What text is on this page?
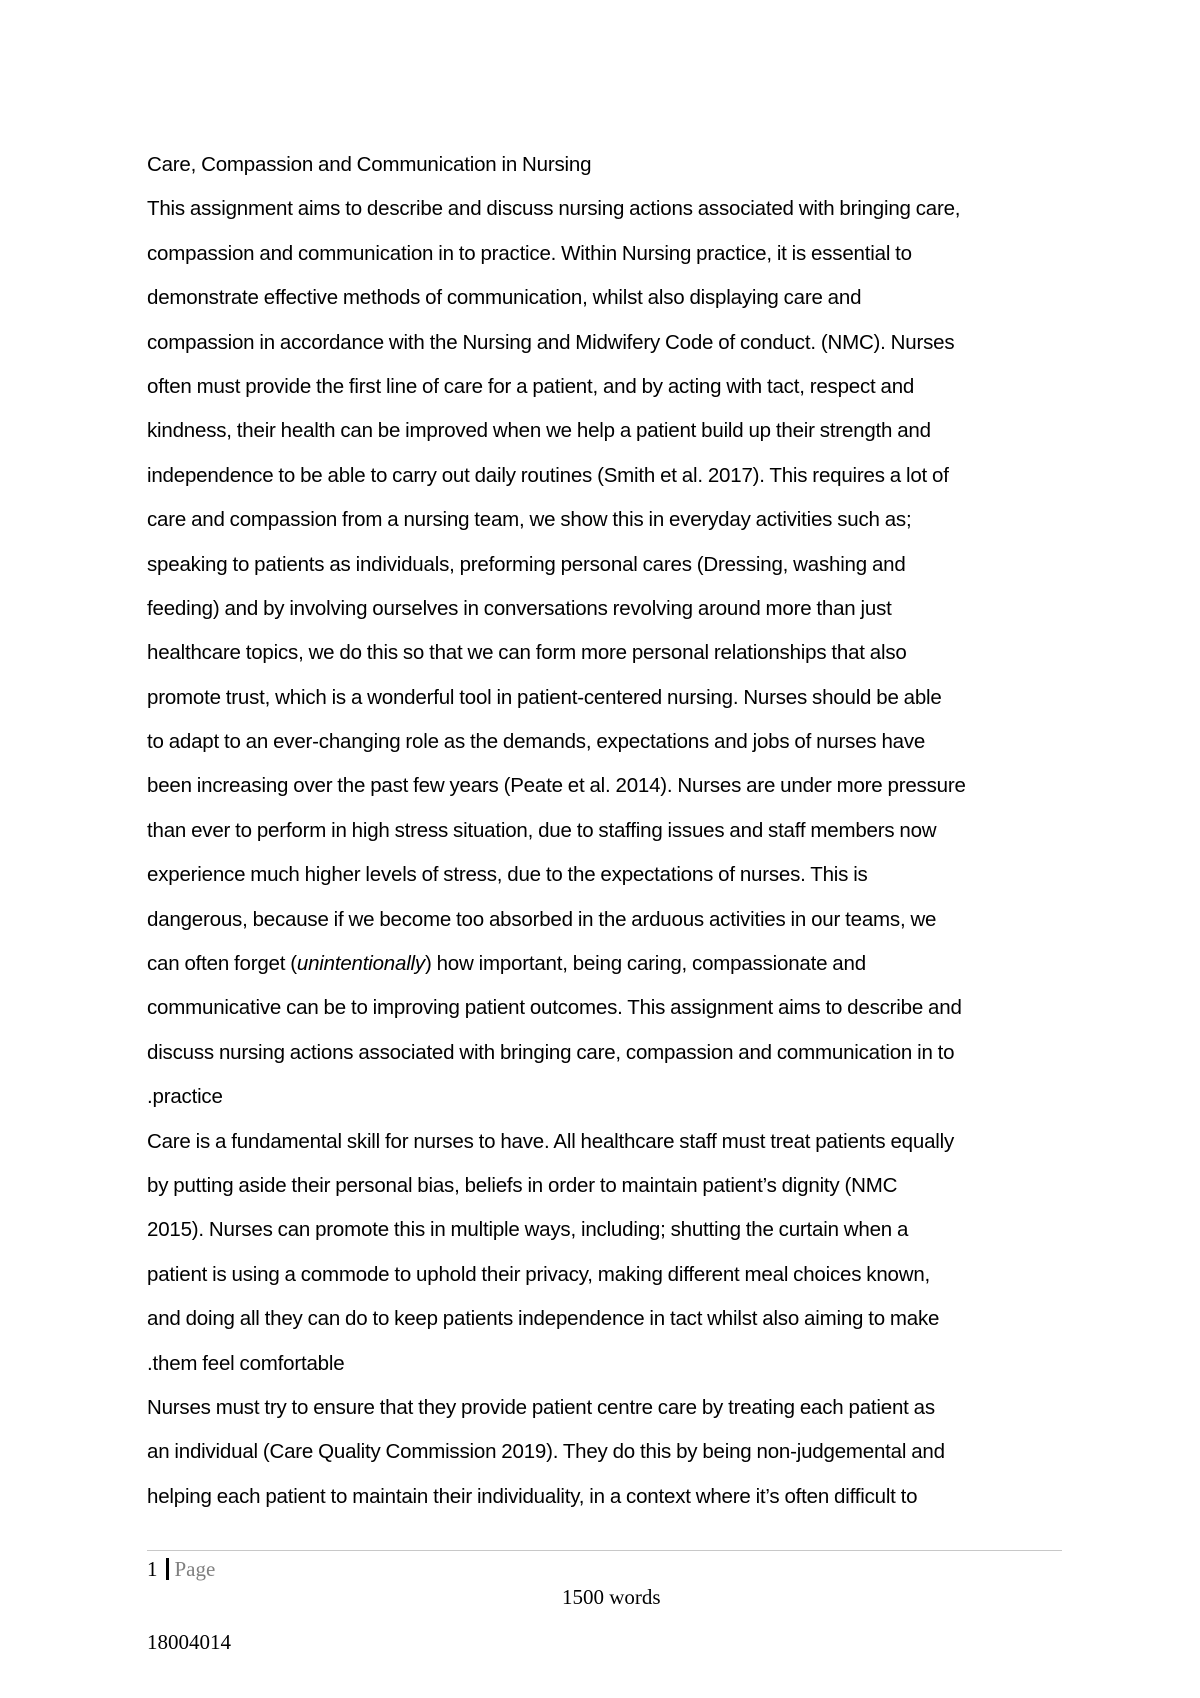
Care, Compassion and Communication in Nursing
This assignment aims to describe and discuss nursing actions associated with bringing care,
compassion and communication in to practice. Within Nursing practice, it is essential to
demonstrate effective methods of communication, whilst also displaying care and
compassion in accordance with the Nursing and Midwifery Code of conduct. (NMC). Nurses
often must provide the first line of care for a patient, and by acting with tact, respect and
kindness, their health can be improved when we help a patient build up their strength and
independence to be able to carry out daily routines (Smith et al. 2017). This requires a lot of
care and compassion from a nursing team, we show this in everyday activities such as;
speaking to patients as individuals, preforming personal cares (Dressing, washing and
feeding) and by involving ourselves in conversations revolving around more than just
healthcare topics, we do this so that we can form more personal relationships that also
promote trust, which is a wonderful tool in patient-centered nursing. Nurses should be able
to adapt to an ever-changing role as the demands, expectations and jobs of nurses have
been increasing over the past few years (Peate et al. 2014). Nurses are under more pressure
than ever to perform in high stress situation, due to staffing issues and staff members now
experience much higher levels of stress, due to the expectations of nurses. This is
dangerous, because if we become too absorbed in the arduous activities in our teams, we
can often forget (unintentionally) how important, being caring, compassionate and
communicative can be to improving patient outcomes. This assignment aims to describe and
discuss nursing actions associated with bringing care, compassion and communication in to
.practice
Care is a fundamental skill for nurses to have. All healthcare staff must treat patients equally
by putting aside their personal bias, beliefs in order to maintain patient’s dignity (NMC
2015). Nurses can promote this in multiple ways, including; shutting the curtain when a
patient is using a commode to uphold their privacy, making different meal choices known,
and doing all they can do to keep patients independence in tact whilst also aiming to make
.them feel comfortable
Nurses must try to ensure that they provide patient centre care by treating each patient as
an individual (Care Quality Commission 2019). They do this by being non-judgemental and
helping each patient to maintain their individuality, in a context where it’s often difficult to
1 Page
1500 words
18004014
